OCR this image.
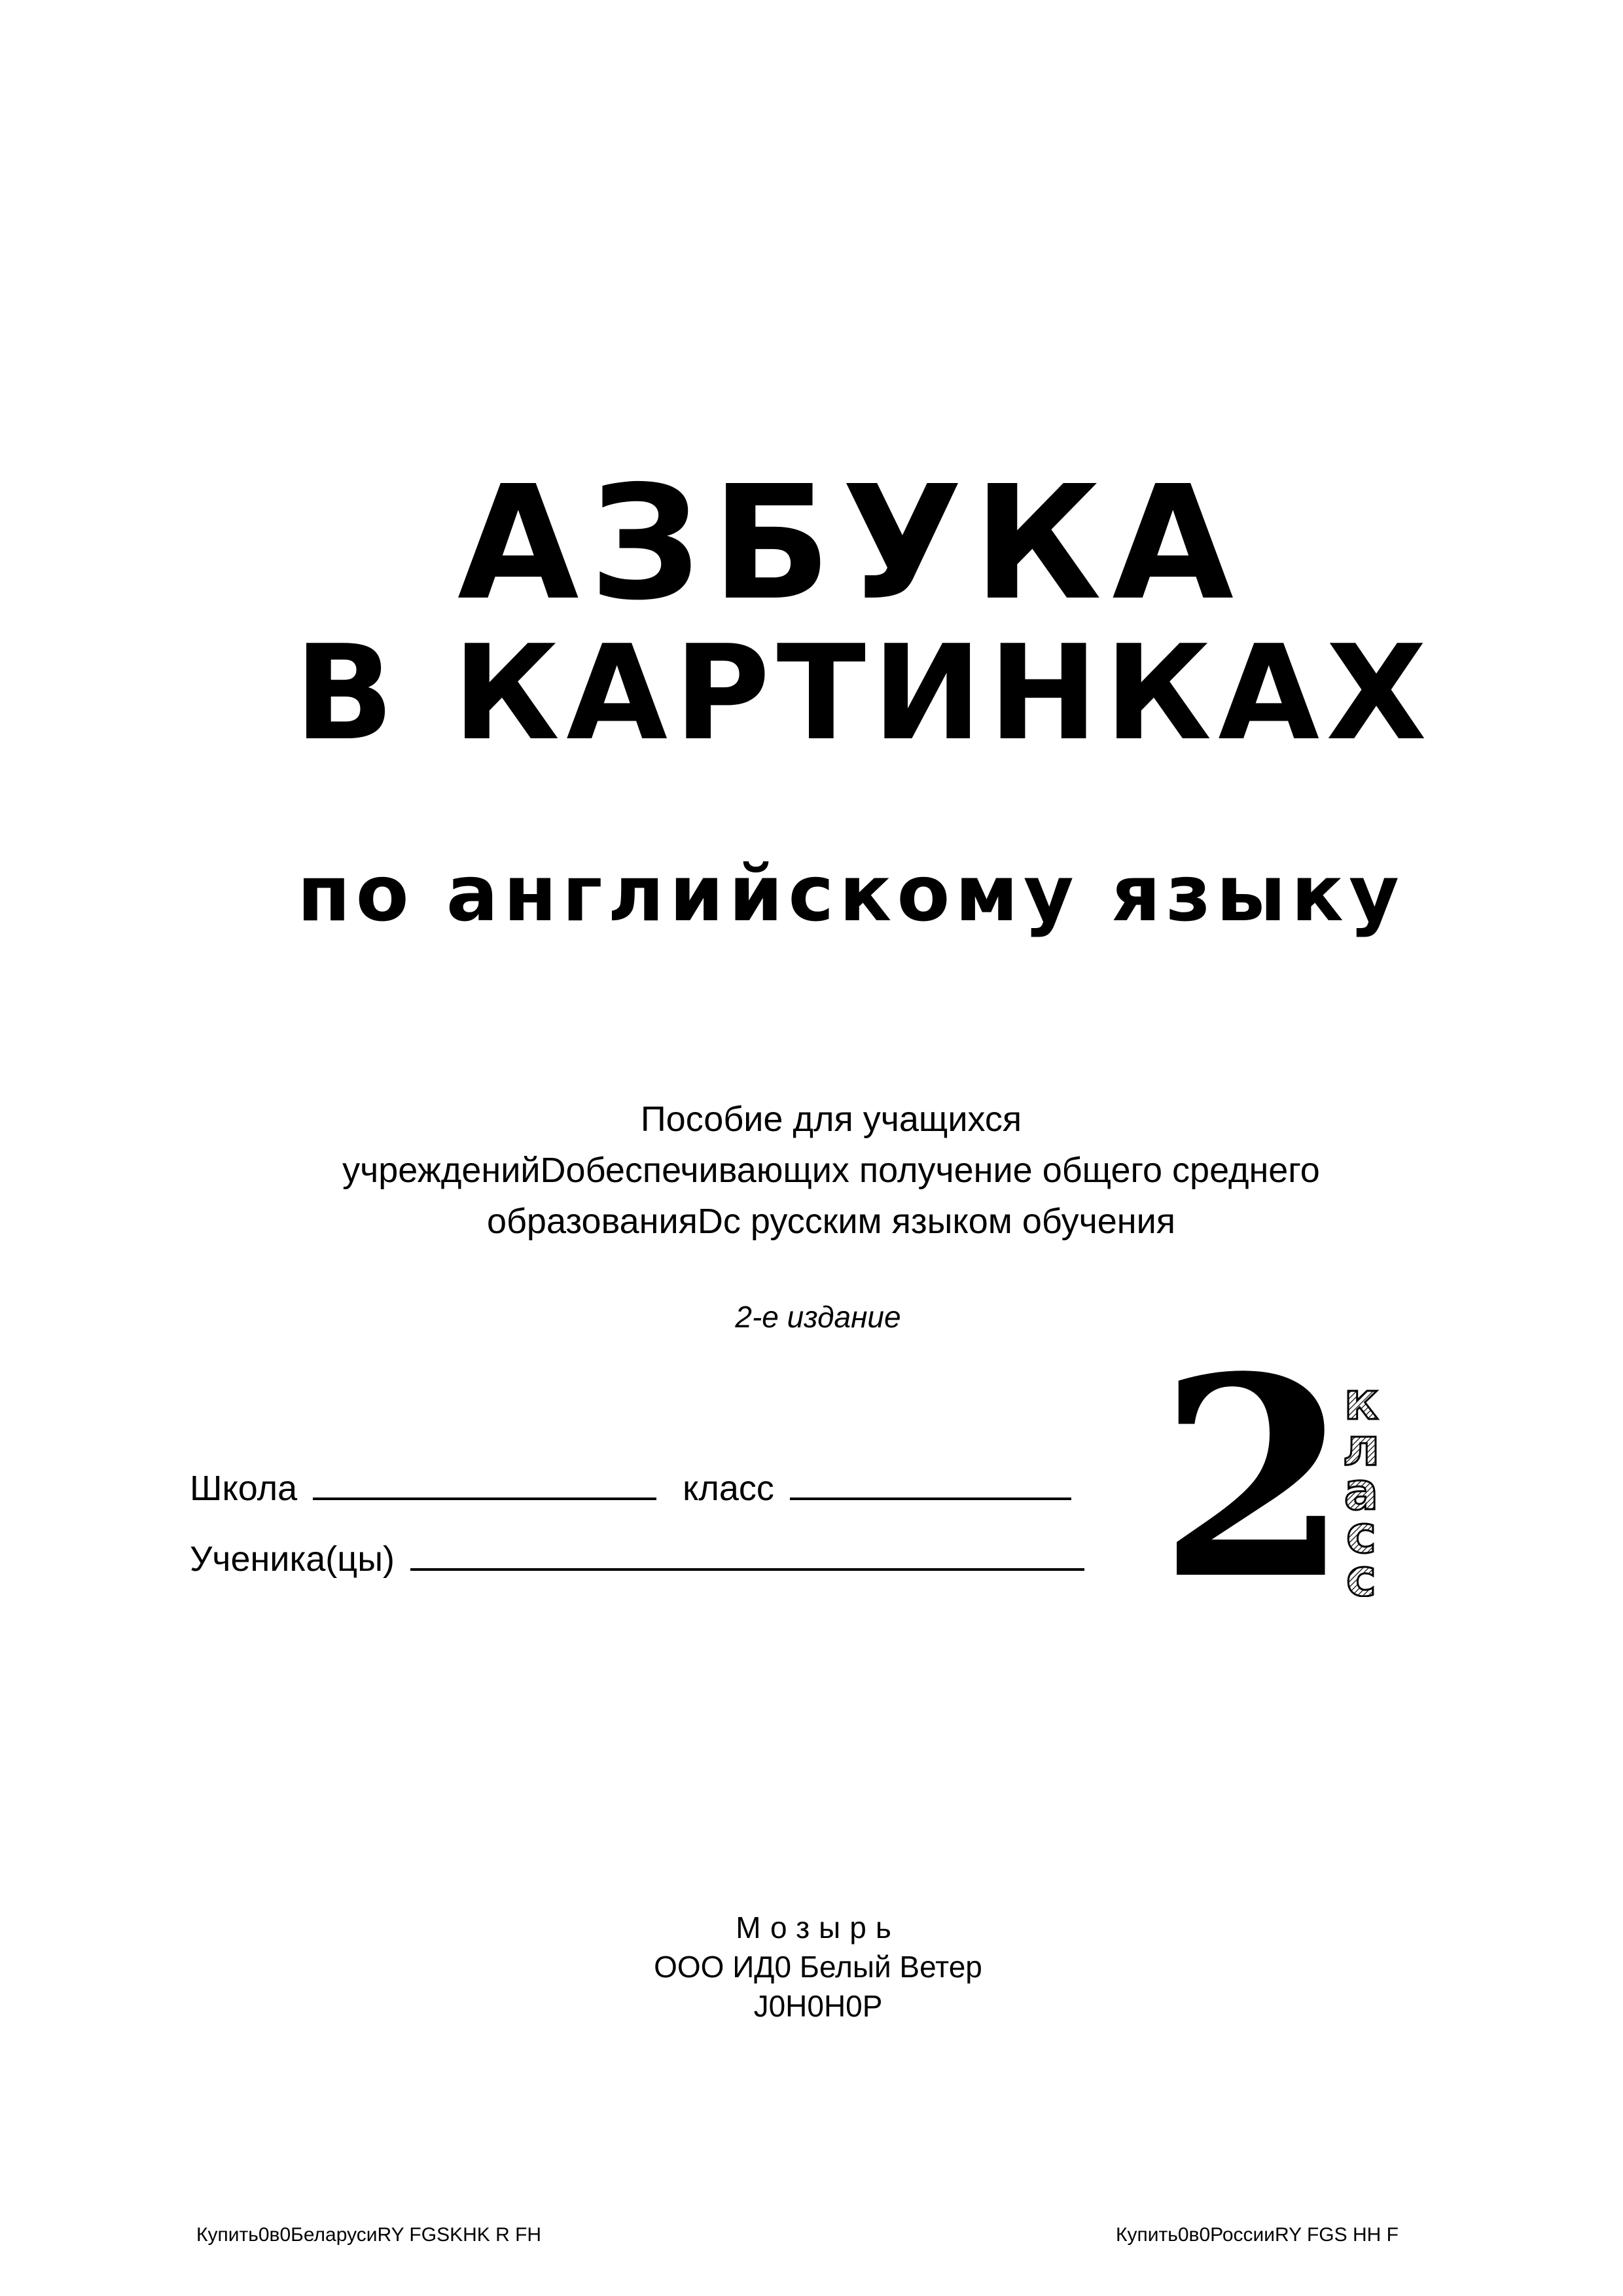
АЗБУКА
В КАРТИНКАХ
по английскому языку
Пособие для учащихся
учрежденийDобеспечивающих получение общего среднего
образованияDс русским языком обучения
2-е издание
Школа	класс
Ученика(цы)	2
к
л
а
с
с
Мозырь
ООО ИД0 Белый Ветер
J0H0H0P
Купить0в0БеларусиRY FGSKHK R FH	Купить0в0РоссииRY FGS HH F
